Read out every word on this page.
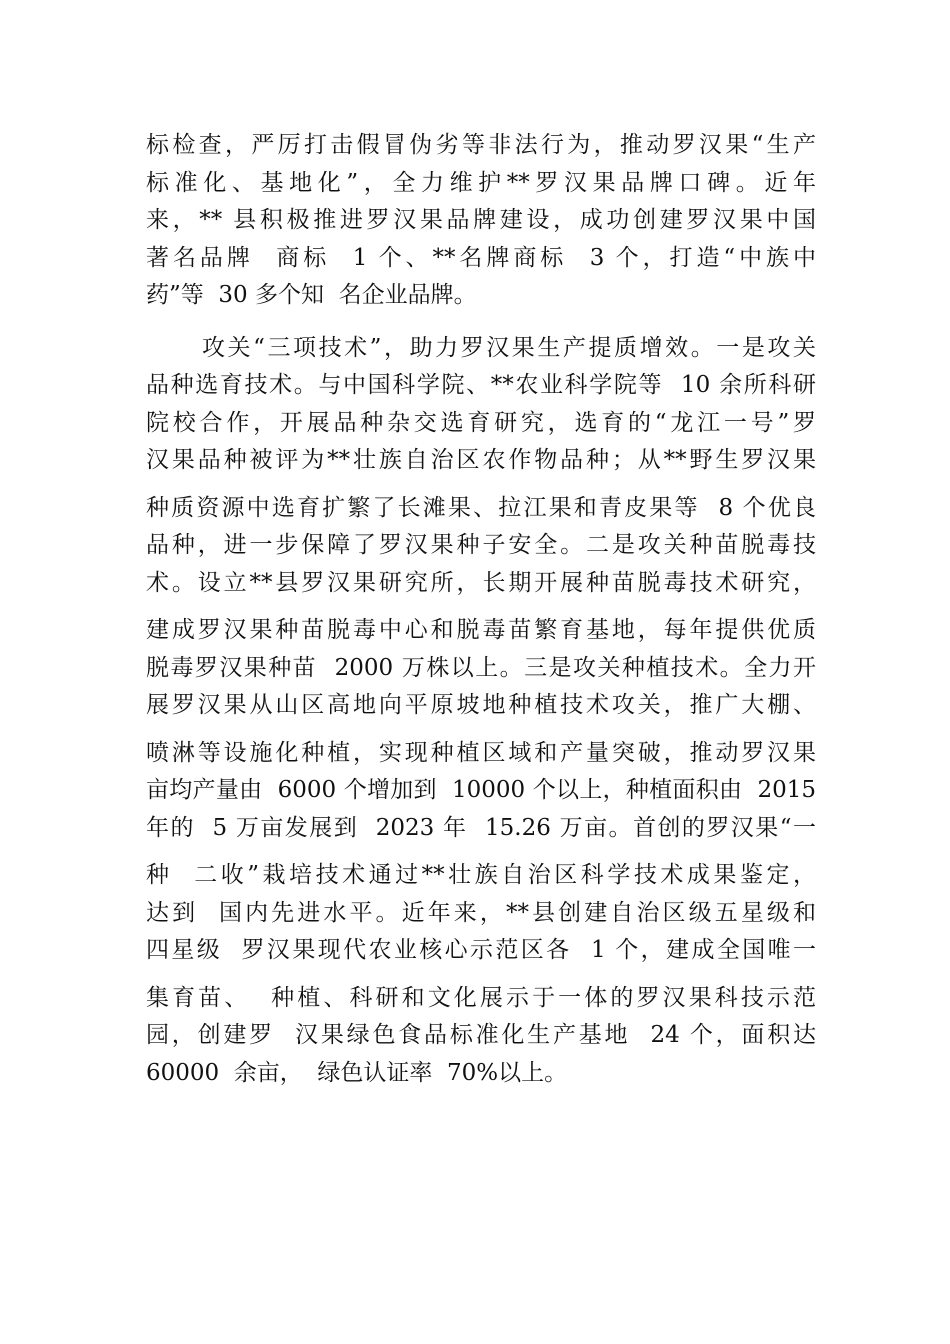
标检查，严厉打击假冒伪劣等非法行为，推动罗汉果“生产
标准化、基地化”，全力维护**罗汉果品牌口碑。近年
来，** 县积极推进罗汉果品牌建设，成功创建罗汉果中国
著名品牌  商标  1 个、**名牌商标  3 个，打造“中族中
药”等  30 多个知  名企业品牌。
攻关“三项技术”，助力罗汉果生产提质增效。一是攻关
品种选育技术。与中国科学院、**农业科学院等  10 余所科研
院校合作，开展品种杂交选育研究，选育的“龙江一号”罗
汉果品种被评为**壮族自治区农作物品种；从**野生罗汉果
种质资源中选育扩繁了长滩果、拉江果和青皮果等  8 个优良
品种，进一步保障了罗汉果种子安全。二是攻关种苗脱毒技
术。设立**县罗汉果研究所，长期开展种苗脱毒技术研究，
建成罗汉果种苗脱毒中心和脱毒苗繁育基地，每年提供优质
脱毒罗汉果种苗  2000 万株以上。三是攻关种植技术。全力开
展罗汉果从山区高地向平原坡地种植技术攻关，推广大棚、
喷淋等设施化种植，实现种植区域和产量突破，推动罗汉果
亩均产量由  6000 个增加到  10000 个以上，种植面积由  2015
年的  5 万亩发展到  2023 年  15.26 万亩。首创的罗汉果“一
种  二收”栽培技术通过**壮族自治区科学技术成果鉴定，
达到  国内先进水平。近年来，**县创建自治区级五星级和
四星级  罗汉果现代农业核心示范区各  1 个，建成全国唯一
集育苗、  种植、科研和文化展示于一体的罗汉果科技示范
园，创建罗  汉果绿色食品标准化生产基地  24 个，面积达
60000  余亩，  绿色认证率  70%以上。
